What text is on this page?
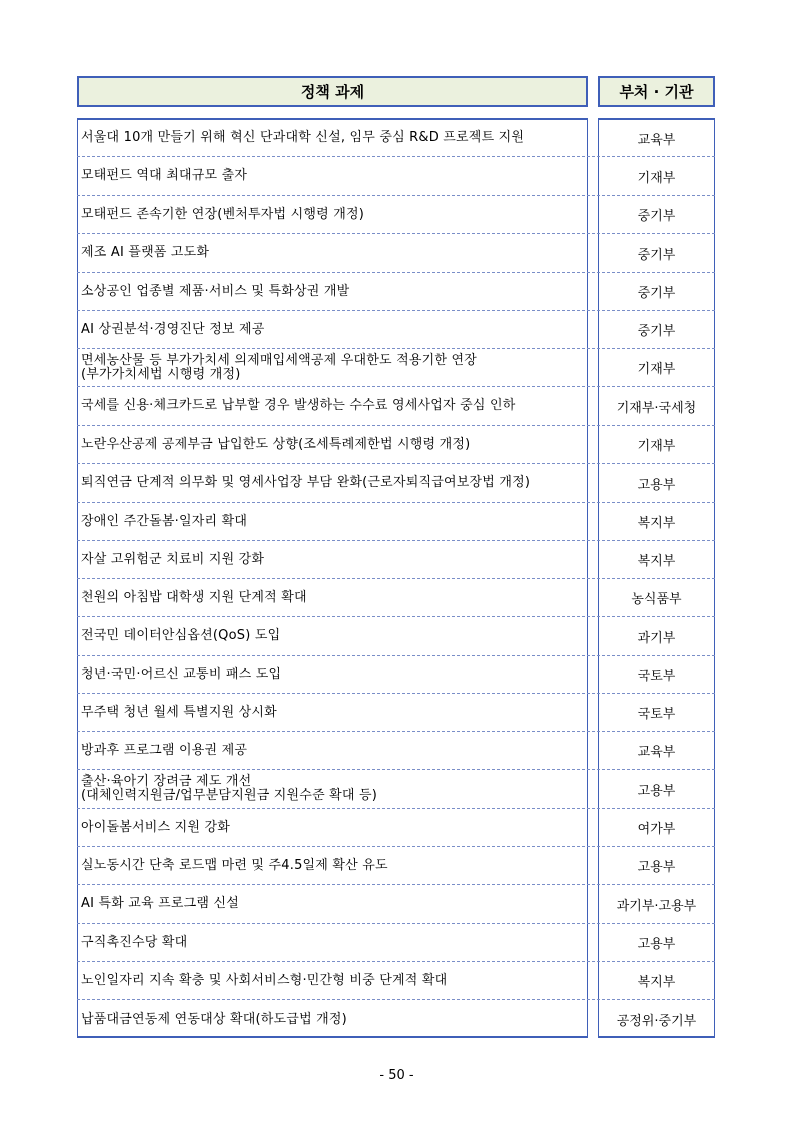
정책 과제	부처 · 기관
서울대 10개 만들기 위해 혁신 단과대학 신설, 임무 중심 R&D 프로젝트 지원	교육부
모태펀드 역대 최대규모 출자	기재부
모태펀드 존속기한 연장(벤처투자법 시행령 개정)	중기부
제조 AI 플랫폼 고도화	중기부
소상공인 업종별 제품·서비스 및 특화상권 개발	중기부
AI 상권분석·경영진단 정보 제공	중기부
면세농산물 등 부가가치세 의제매입세액공제 우대한도 적용기한 연장
(부가가치세법 시행령 개정)	기재부
국세를 신용·체크카드로 납부할 경우 발생하는 수수료 영세사업자 중심 인하	기재부·국세청
노란우산공제 공제부금 납입한도 상향(조세특례제한법 시행령 개정)	기재부
퇴직연금 단계적 의무화 및 영세사업장 부담 완화(근로자퇴직급여보장법 개정)	고용부
장애인 주간돌봄·일자리 확대	복지부
자살 고위험군 치료비 지원 강화	복지부
천원의 아침밥 대학생 지원 단계적 확대	농식품부
전국민 데이터안심옵션(QoS) 도입	과기부
청년·국민·어르신 교통비 패스 도입	국토부
무주택 청년 월세 특별지원 상시화	국토부
방과후 프로그램 이용권 제공	교육부
출산·육아기 장려금 제도 개선
(대체인력지원금/업무분담지원금 지원수준 확대 등)	고용부
아이돌봄서비스 지원 강화	여가부
실노동시간 단축 로드맵 마련 및 주4.5일제 확산 유도	고용부
AI 특화 교육 프로그램 신설	과기부·고용부
구직촉진수당 확대	고용부
노인일자리 지속 확충 및 사회서비스형·민간형 비중 단계적 확대	복지부
납품대금연동제 연동대상 확대(하도급법 개정)	공정위·중기부
- 50 -
